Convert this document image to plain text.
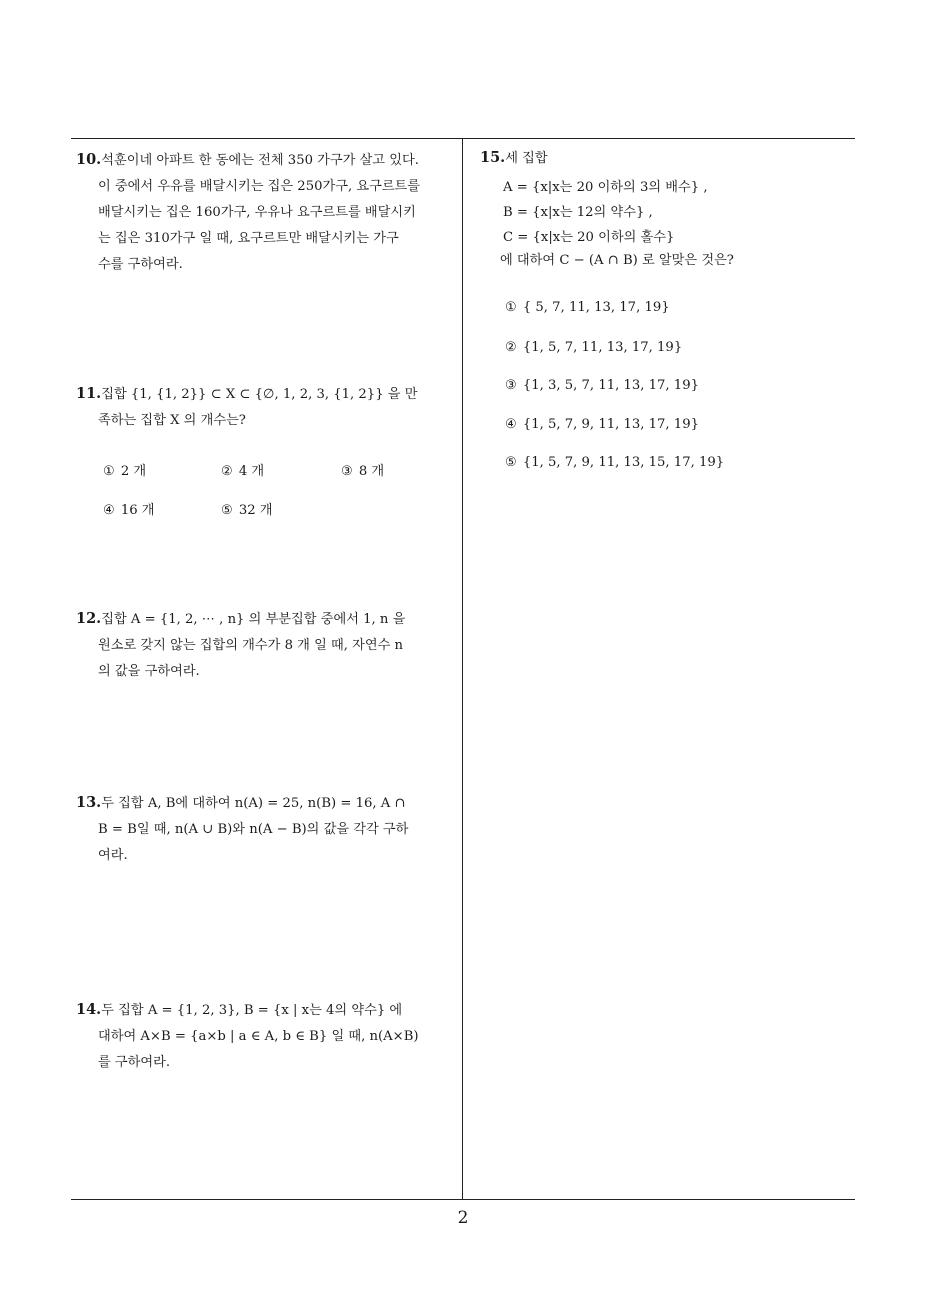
10.석훈이네 아파트 한 동에는 전체 350 가구가 살고 있다.
이 중에서 우유를 배달시키는 집은 250가구, 요구르트를
배달시키는 집은 160가구, 우유나 요구르트를 배달시키
는 집은 310가구 일 때, 요구르트만 배달시키는 가구
수를 구하여라.
11.집합 {1, {1, 2}} ⊂ X ⊂ {∅, 1, 2, 3, {1, 2}} 을 만
족하는 집합 X 의 개수는?
① 2 개	② 4 개	③ 8 개
④ 16 개	⑤ 32 개
12.집합 A = {1, 2, ⋯ , n} 의 부분집합 중에서 1, n 을
원소로 갖지 않는 집합의 개수가 8 개 일 때, 자연수 n
의 값을 구하여라.
13.두 집합 A, B에 대하여 n(A) = 25, n(B) = 16, A ∩
B = B일 때, n(A ∪ B)와 n(A − B)의 값을 각각 구하
여라.
14.두 집합 A = {1, 2, 3}, B = {x | x는 4의 약수} 에
대하여 A×B = {a×b | a ∈ A, b ∈ B} 일 때, n(A×B)
를 구하여라.
15.세 집합
A = {x|x는 20 이하의 3의 배수} ,
B = {x|x는 12의 약수} ,
C = {x|x는 20 이하의 홀수}
에 대하여 C − (A ∩ B) 로 알맞은 것은?
① { 5, 7, 11, 13, 17, 19}
② {1, 5, 7, 11, 13, 17, 19}
③ {1, 3, 5, 7, 11, 13, 17, 19}
④ {1, 5, 7, 9, 11, 13, 17, 19}
⑤ {1, 5, 7, 9, 11, 13, 15, 17, 19}
2
